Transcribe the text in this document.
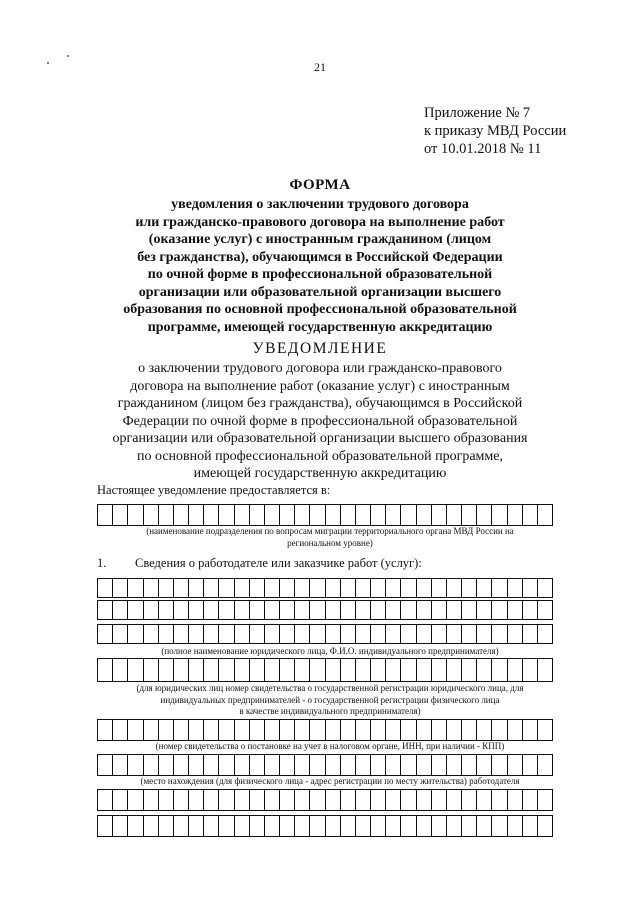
21
Приложение № 7
к приказу МВД России
от 10.01.2018 № 11
ФОРМА
уведомления о заключении трудового договора
или гражданско-правового договора на выполнение работ
(оказание услуг) с иностранным гражданином (лицом
без гражданства), обучающимся в Российской Федерации
по очной форме в профессиональной образовательной
организации или образовательной организации высшего
образования по основной профессиональной образовательной
программе, имеющей государственную аккредитацию
УВЕДОМЛЕНИЕ
о заключении трудового договора или гражданско-правового
договора на выполнение работ (оказание услуг) с иностранным
гражданином (лицом без гражданства), обучающимся в Российской
Федерации по очной форме в профессиональной образовательной
организации или образовательной организации высшего образования
по основной профессиональной образовательной программе,
имеющей государственную аккредитацию
Настоящее уведомление предоставляется в:
(наименование подразделения по вопросам миграции территориального органа МВД России на
региональном уровне)
1. Сведения о работодателе или заказчике работ (услуг):
(полное наименование юридического лица, Ф.И.О. индивидуального предпринимателя)
(для юридических лиц номер свидетельства о государственной регистрации юридического лица, для
индивидуальных предпринимателей - о государственной регистрации физического лица
в качестве индивидуального предпринимателя)
(номер свидетельства о постановке на учет в налоговом органе, ИНН, при наличии - КПП)
(место нахождения (для физического лица - адрес регистрации по месту жительства) работодателя
